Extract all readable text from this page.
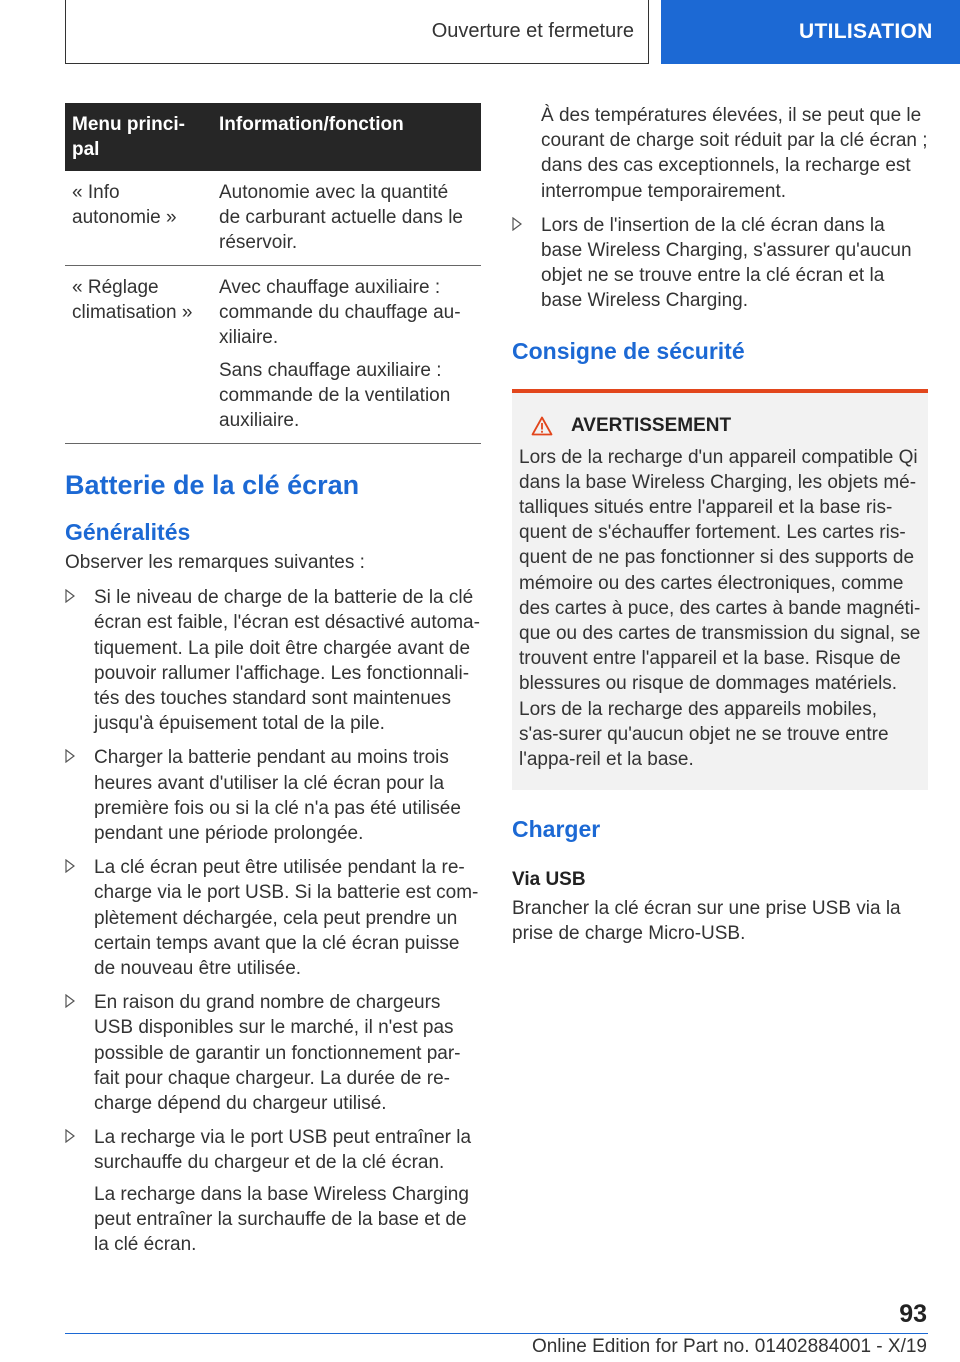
Ouverture et fermeture	UTILISATION
Menu princi-pal	Information/fonction

« Info autonomie »	Autonomie avec la quantité de carburant actuelle dans le réservoir.

« Réglage climatisation »	Avec chauffage auxiliaire : commande du chauffage au-xiliaire.

Sans chauffage auxiliaire : commande de la ventilation auxiliaire.

Batterie de la clé écran
Généralités

Observer les remarques suivantes :

Si le niveau de charge de la batterie de la clé écran est faible, l'écran est désactivé automa-tiquement. La pile doit être chargée avant de pouvoir rallumer l'affichage. Les fonctionnali-tés des touches standard sont maintenues jusqu'à épuisement total de la pile.

Charger la batterie pendant au moins trois heures avant d'utiliser la clé écran pour la première fois ou si la clé n'a pas été utilisée pendant une période prolongée.

La clé écran peut être utilisée pendant la re-charge via le port USB. Si la batterie est com-plètement déchargée, cela peut prendre un certain temps avant que la clé écran puisse de nouveau être utilisée.

En raison du grand nombre de chargeurs USB disponibles sur le marché, il n'est pas possible de garantir un fonctionnement par-fait pour chaque chargeur. La durée de re-charge dépend du chargeur utilisé.

La recharge via le port USB peut entraîner la surchauffe du chargeur et de la clé écran.

La recharge dans la base Wireless Charging peut entraîner la surchauffe de la base et de la clé écran.

À des températures élevées, il se peut que le courant de charge soit réduit par la clé écran ; dans des cas exceptionnels, la recharge est interrompue temporairement.

Lors de l'insertion de la clé écran dans la base Wireless Charging, s'assurer qu'aucun objet ne se trouve entre la clé écran et la base Wireless Charging.

Consigne de sécurité
AVERTISSEMENT

Lors de la recharge d'un appareil compatible Qi dans la base Wireless Charging, les objets mé-talliques situés entre l'appareil et la base ris-quent de s'échauffer fortement. Les cartes ris-quent de ne pas fonctionner si des supports de mémoire ou des cartes électroniques, comme des cartes à puce, des cartes à bande magnéti-que ou des cartes de transmission du signal, se trouvent entre l'appareil et la base. Risque de blessures ou risque de dommages matériels. Lors de la recharge des appareils mobiles, s'as-surer qu'aucun objet ne se trouve entre l'appa-reil et la base.

Charger
Via USB

Brancher la clé écran sur une prise USB via la prise de charge Micro-USB.

93
Online Edition for Part no. 01402884001 - X/19
